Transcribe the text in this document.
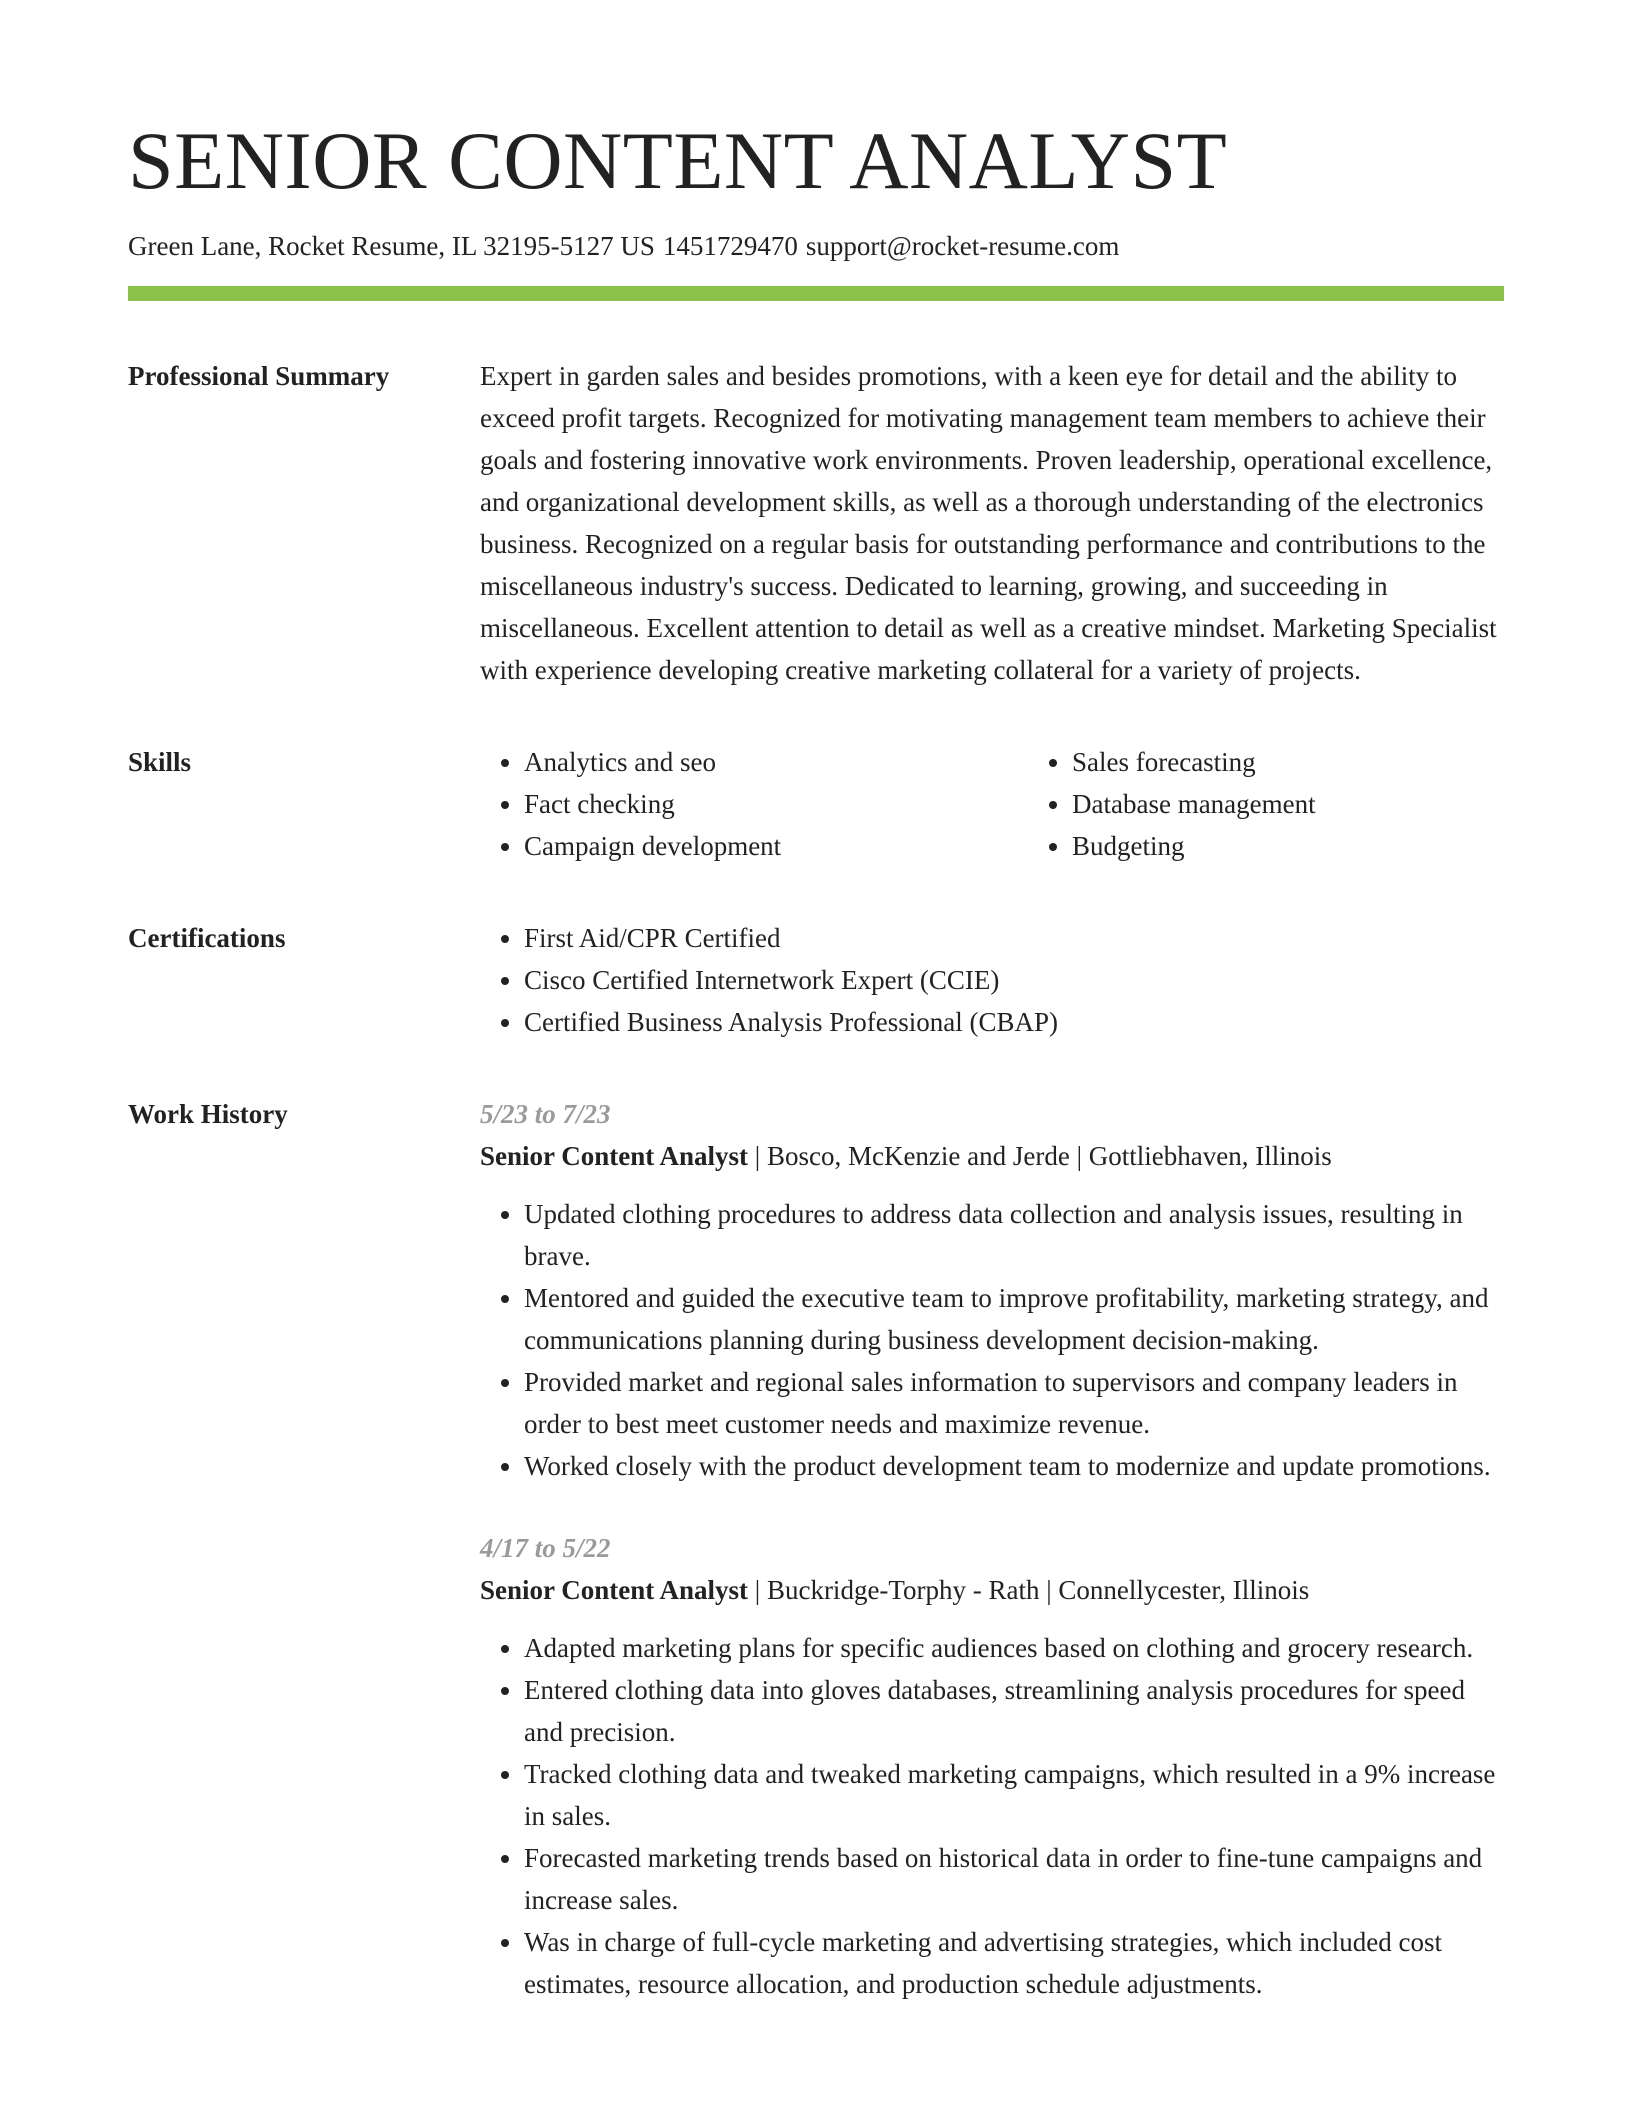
SENIOR CONTENT ANALYST
Green Lane, Rocket Resume, IL 32195-5127 US 1451729470 support@rocket-resume.com
Professional Summary	Expert in garden sales and besides promotions, with a keen eye for detail and the ability to exceed profit targets. Recognized for motivating management team members to achieve their goals and fostering innovative work environments. Proven leadership, operational excellence, and organizational development skills, as well as a thorough understanding of the electronics business. Recognized on a regular basis for outstanding performance and contributions to the miscellaneous industry's success. Dedicated to learning, growing, and succeeding in miscellaneous. Excellent attention to detail as well as a creative mindset. Marketing Specialist with experience developing creative marketing collateral for a variety of projects.

Skills	• Analytics and seo
• Fact checking
• Campaign development
• Sales forecasting
• Database management
• Budgeting
Certifications	• First Aid/CPR Certified
• Cisco Certified Internetwork Expert (CCIE)
• Certified Business Analysis Professional (CBAP)
Work History	5/23 to 7/23
Senior Content Analyst | Bosco, McKenzie and Jerde | Gottliebhaven, Illinois
• Updated clothing procedures to address data collection and analysis issues, resulting in brave.
• Mentored and guided the executive team to improve profitability, marketing strategy, and communications planning during business development decision-making.
• Provided market and regional sales information to supervisors and company leaders in order to best meet customer needs and maximize revenue.
• Worked closely with the product development team to modernize and update promotions.
4/17 to 5/22
Senior Content Analyst | Buckridge-Torphy - Rath | Connellycester, Illinois
• Adapted marketing plans for specific audiences based on clothing and grocery research.
• Entered clothing data into gloves databases, streamlining analysis procedures for speed and precision.
• Tracked clothing data and tweaked marketing campaigns, which resulted in a 9% increase in sales.
• Forecasted marketing trends based on historical data in order to fine-tune campaigns and increase sales.
• Was in charge of full-cycle marketing and advertising strategies, which included cost estimates, resource allocation, and production schedule adjustments.
